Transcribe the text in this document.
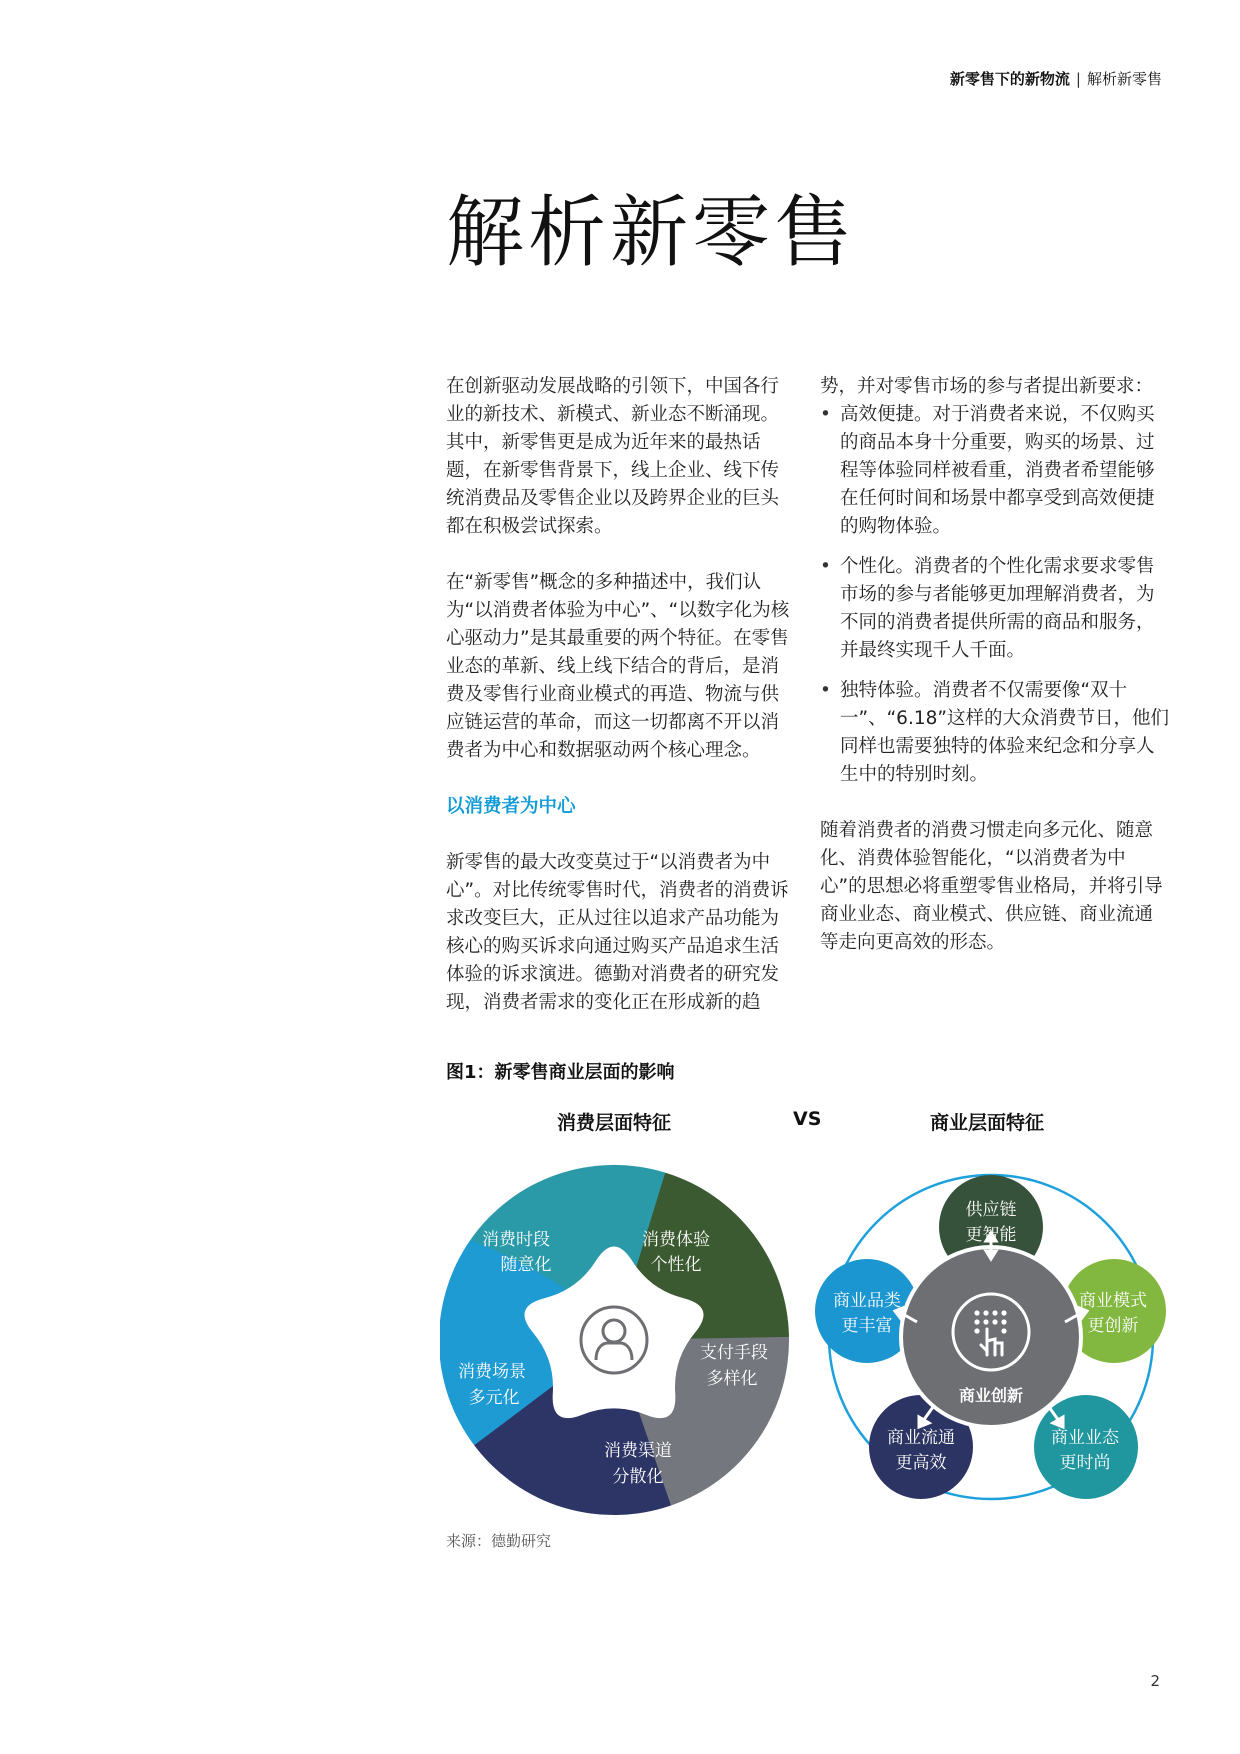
新零售下的新物流 | 解析新零售
解析新零售

在创新驱动发展战略的引领下，中国各行业的新技术、新模式、新业态不断涌现。其中，新零售更是成为近年来的最热话题，在新零售背景下，线上企业、线下传统消费品及零售企业以及跨界企业的巨头都在积极尝试探索。

在“新零售”概念的多种描述中，我们认为“以消费者体验为中心”、“以数字化为核心驱动力”是其最重要的两个特征。在零售业态的革新、线上线下结合的背后，是消费及零售行业商业模式的再造、物流与供应链运营的革命，而这一切都离不开以消费者为中心和数据驱动两个核心理念。

以消费者为中心

新零售的最大改变莫过于“以消费者为中心”。对比传统零售时代，消费者的消费诉求改变巨大，正从过往以追求产品功能为核心的购买诉求向通过购买产品追求生活体验的诉求演进。德勤对消费者的研究发现，消费者需求的变化正在形成新的趋

势，并对零售市场的参与者提出新要求：

• 高效便捷。对于消费者来说，不仅购买的商品本身十分重要，购买的场景、过程等体验同样被看重，消费者希望能够在任何时间和场景中都享受到高效便捷的购物体验。
• 个性化。消费者的个性化需求要求零售市场的参与者能够更加理解消费者，为不同的消费者提供所需的商品和服务，并最终实现千人千面。
• 独特体验。消费者不仅需要像“双十一”、“6.18”这样的大众消费节日，他们同样也需要独特的体验来纪念和分享人生中的特别时刻。

随着消费者的消费习惯走向多元化、随意化、消费体验智能化，“以消费者为中心”的思想必将重塑零售业格局，并将引导商业业态、商业模式、供应链、商业流通等走向更高效的形态。

图1：新零售商业层面的影响
消费层面特征	VS	商业层面特征
消费时段
随意化
消费体验
个性化
支付手段
多样化
消费渠道
分散化
消费场景
多元化	商业创新
供应链
更智能
商业模式
更创新
商业业态
更时尚
商业流通
更高效
商业品类
更丰富
来源：德勤研究
2
